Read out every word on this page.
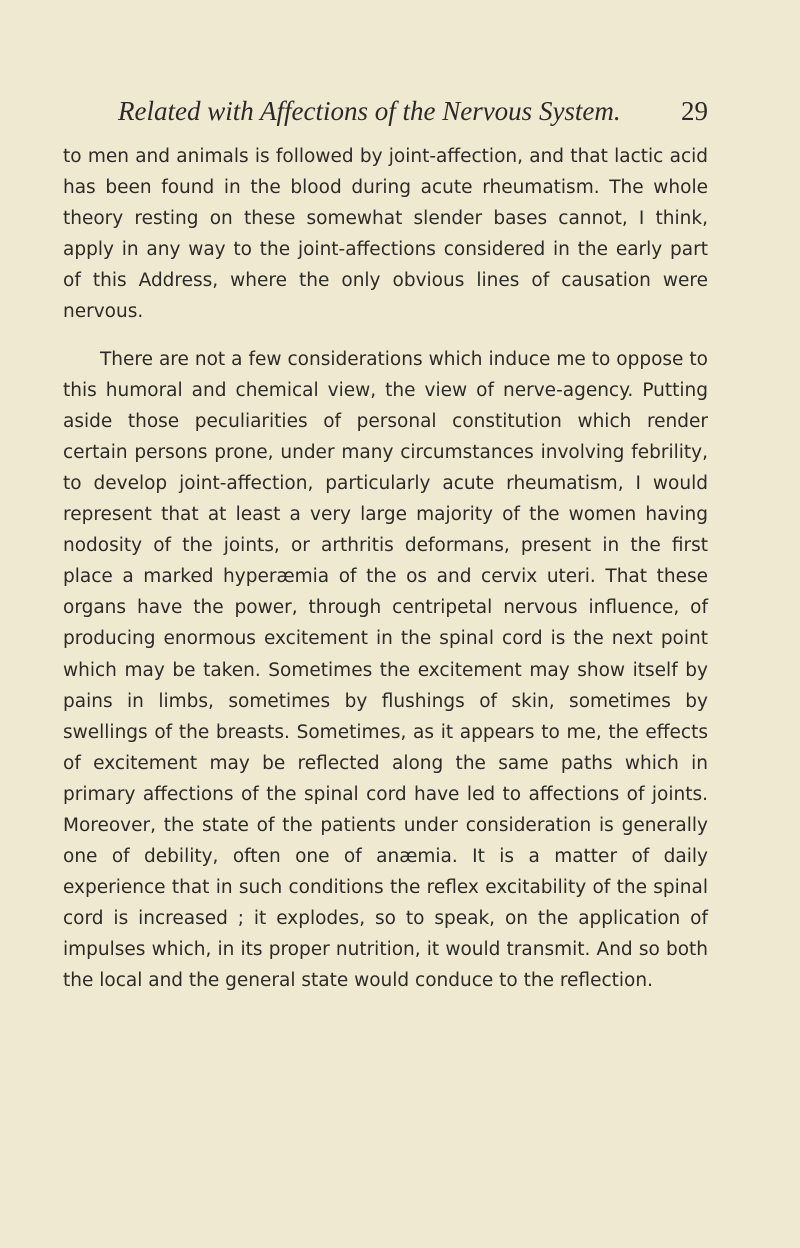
Related with Affections of the Nervous System. 29

to men and animals is followed by joint-affection, and that lactic acid has been found in the blood during acute rheumatism. The whole theory resting on these somewhat slender bases cannot, I think, apply in any way to the joint-affections considered in the early part of this Address, where the only obvious lines of causation were nervous.

There are not a few considerations which induce me to oppose to this humoral and chemical view, the view of nerve-agency. Putting aside those peculiarities of personal constitution which render certain persons prone, under many circumstances involving febrility, to develop joint-affection, particularly acute rheumatism, I would represent that at least a very large majority of the women having nodosity of the joints, or arthritis deformans, present in the first place a marked hyperæmia of the os and cervix uteri. That these organs have the power, through centripetal nervous influence, of producing enormous excitement in the spinal cord is the next point which may be taken. Sometimes the excitement may show itself by pains in limbs, sometimes by flushings of skin, sometimes by swellings of the breasts. Sometimes, as it appears to me, the effects of excitement may be reflected along the same paths which in primary affections of the spinal cord have led to affections of joints. Moreover, the state of the patients under consideration is generally one of debility, often one of anæmia. It is a matter of daily experience that in such conditions the reflex excitability of the spinal cord is increased ; it explodes, so to speak, on the application of impulses which, in its proper nutrition, it would transmit. And so both the local and the general state would conduce to the reflection.
